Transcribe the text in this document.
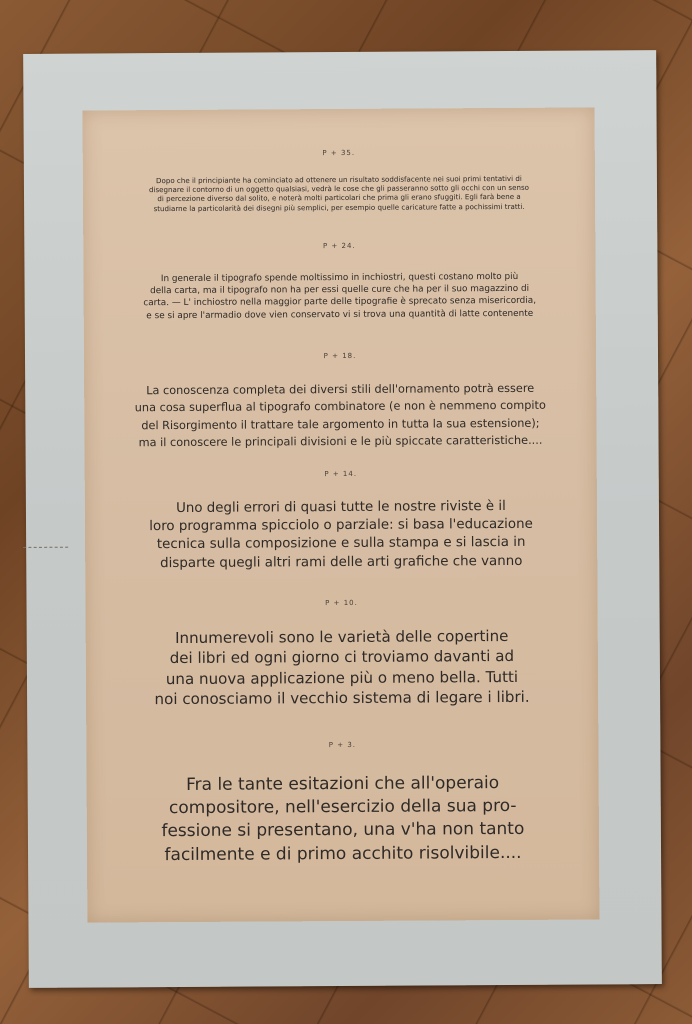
P + 35.
Dopo che il principiante ha cominciato ad ottenere un risultato soddisfacente nei suoi primi tentativi di
disegnare il contorno di un oggetto qualsiasi, vedrà le cose che gli passeranno sotto gli occhi con un senso
di percezione diverso dal solito, e noterà molti particolari che prima gli erano sfuggiti. Egli farà bene a
studiarne la particolarità dei disegni più semplici, per esempio quelle caricature fatte a pochissimi tratti.
P + 24.
In generale il tipografo spende moltissimo in inchiostri, questi costano molto più
della carta, ma il tipografo non ha per essi quelle cure che ha per il suo magazzino di
carta. — L' inchiostro nella maggior parte delle tipografie è sprecato senza misericordia,
e se si apre l'armadio dove vien conservato vi si trova una quantità di latte contenente
P + 18.
La conoscenza completa dei diversi stili dell'ornamento potrà essere
una cosa superflua al tipografo combinatore (e non è nemmeno compito
del Risorgimento il trattare tale argomento in tutta la sua estensione);
ma il conoscere le principali divisioni e le più spiccate caratteristiche....
P + 14.
Uno degli errori di quasi tutte le nostre riviste è il
loro programma spicciolo o parziale: si basa l'educazione
tecnica sulla composizione e sulla stampa e si lascia in
disparte quegli altri rami delle arti grafiche che vanno
P + 10.
Innumerevoli sono le varietà delle copertine
dei libri ed ogni giorno ci troviamo davanti ad
una nuova applicazione più o meno bella. Tutti
noi conosciamo il vecchio sistema di legare i libri.
P + 3.
Fra le tante esitazioni che all'operaio
compositore, nell'esercizio della sua pro-
fessione si presentano, una v'ha non tanto
facilmente e di primo acchito risolvibile....
